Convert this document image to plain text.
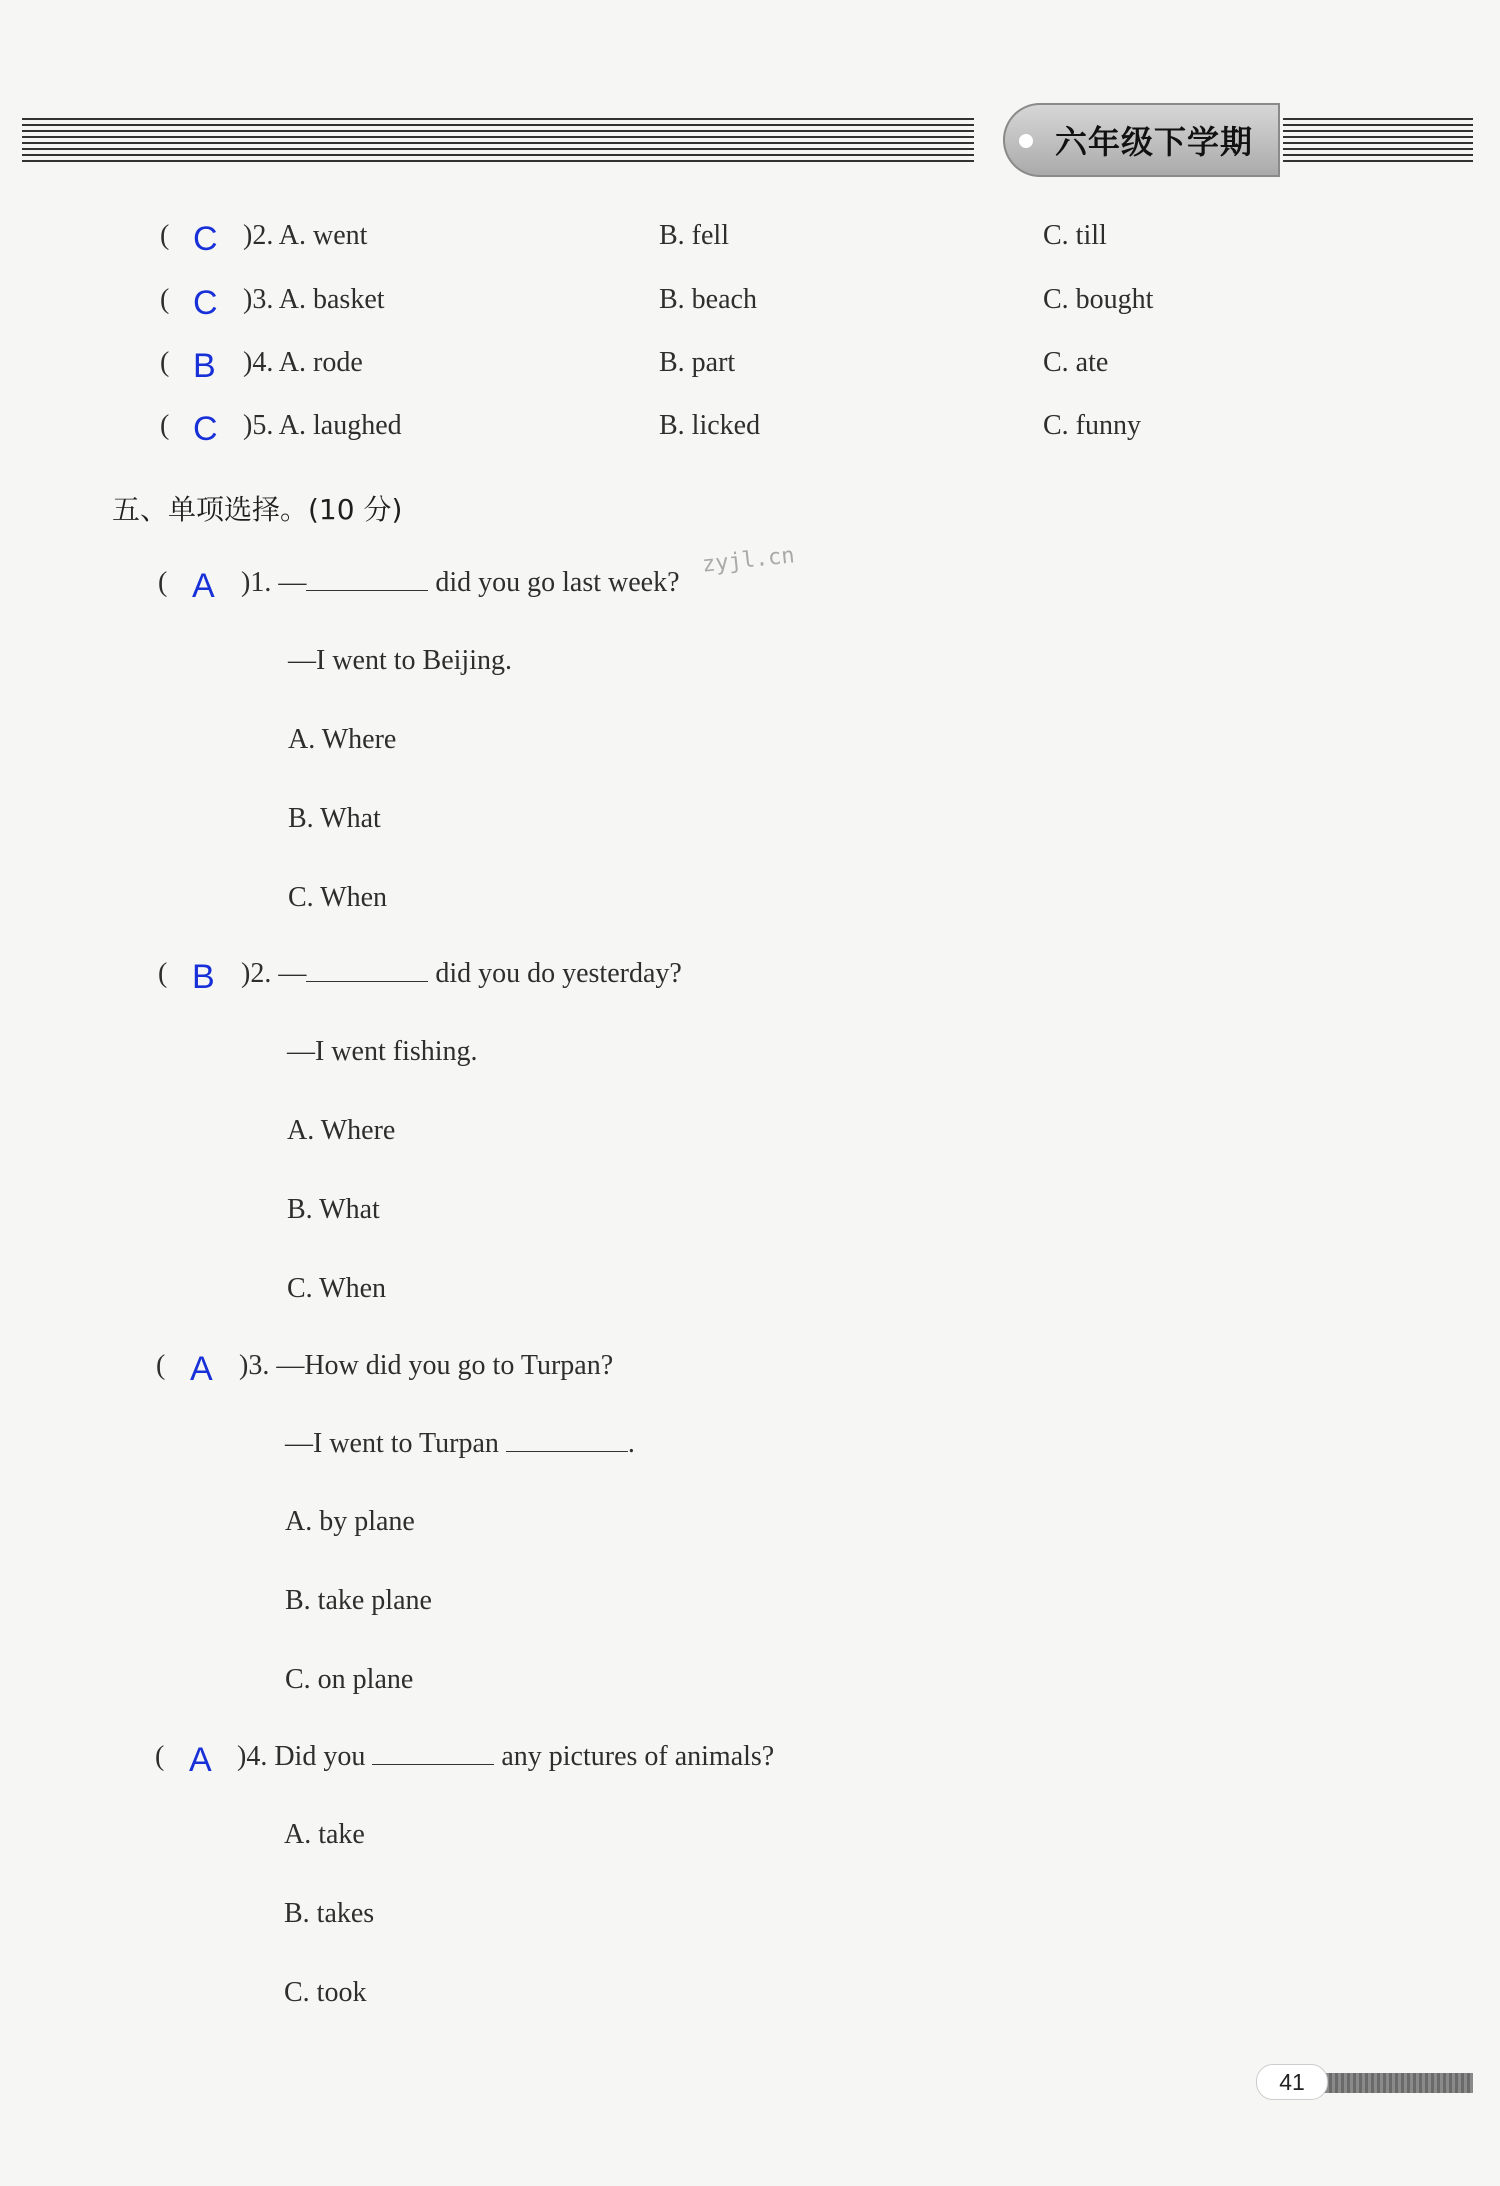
六年级下学期
( C )2. A. went	B. fell	C. till
( C )3. A. basket	B. beach	C. bought
( B )4. A. rode	B. part	C. ate
( C )5. A. laughed	B. licked	C. funny
五、单项选择。(10 分)
zyjl.cn
( A )1. —	did you go last week?
—I went to Beijing.
A. Where
B. What
C. When
( B )2. —	did you do yesterday?
—I went fishing.
A. Where
B. What
C. When
( A )3. —How did you go to Turpan?
—I went to Turpan	.
A. by plane
B. take plane
C. on plane
( A )4. Did you	any pictures of animals?
A. take
B. takes
C. took
41
